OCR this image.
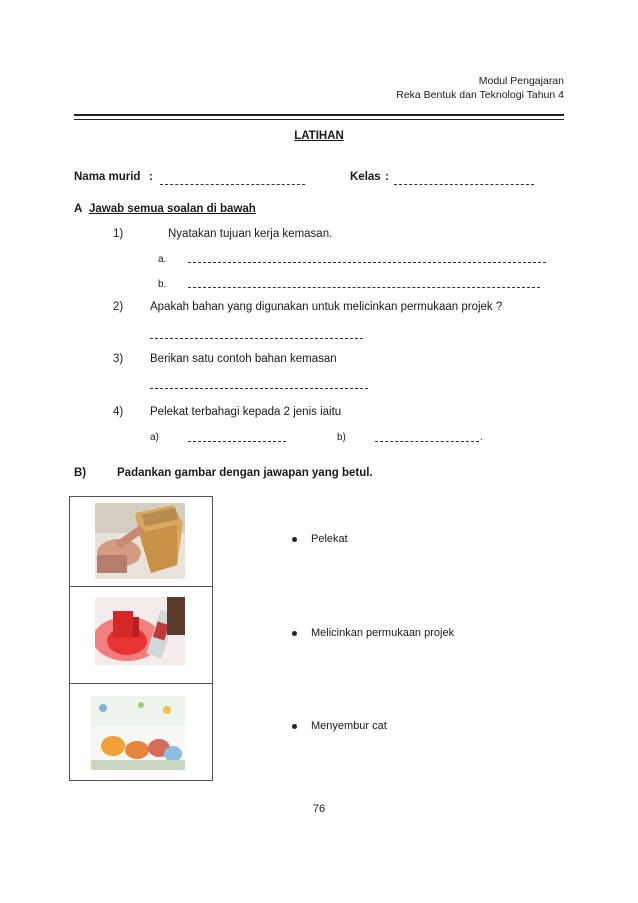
Modul Pengajaran
Reka Bentuk dan Teknologi Tahun 4
LATIHAN
Nama murid :	Kelas :
A Jawab semua soalan di bawah
1)	Nyatakan tujuan kerja kemasan.
a.
b.
2) Apakah bahan yang digunakan untuk melicinkan permukaan projek ?
3) Berikan satu contoh bahan kemasan
4) Pelekat terbahagi kepada 2 jenis iaitu
a)	b)	.
B)	Padankan gambar dengan jawapan yang betul.
Pelekat
Melicinkan permukaan projek
Menyembur cat
76
